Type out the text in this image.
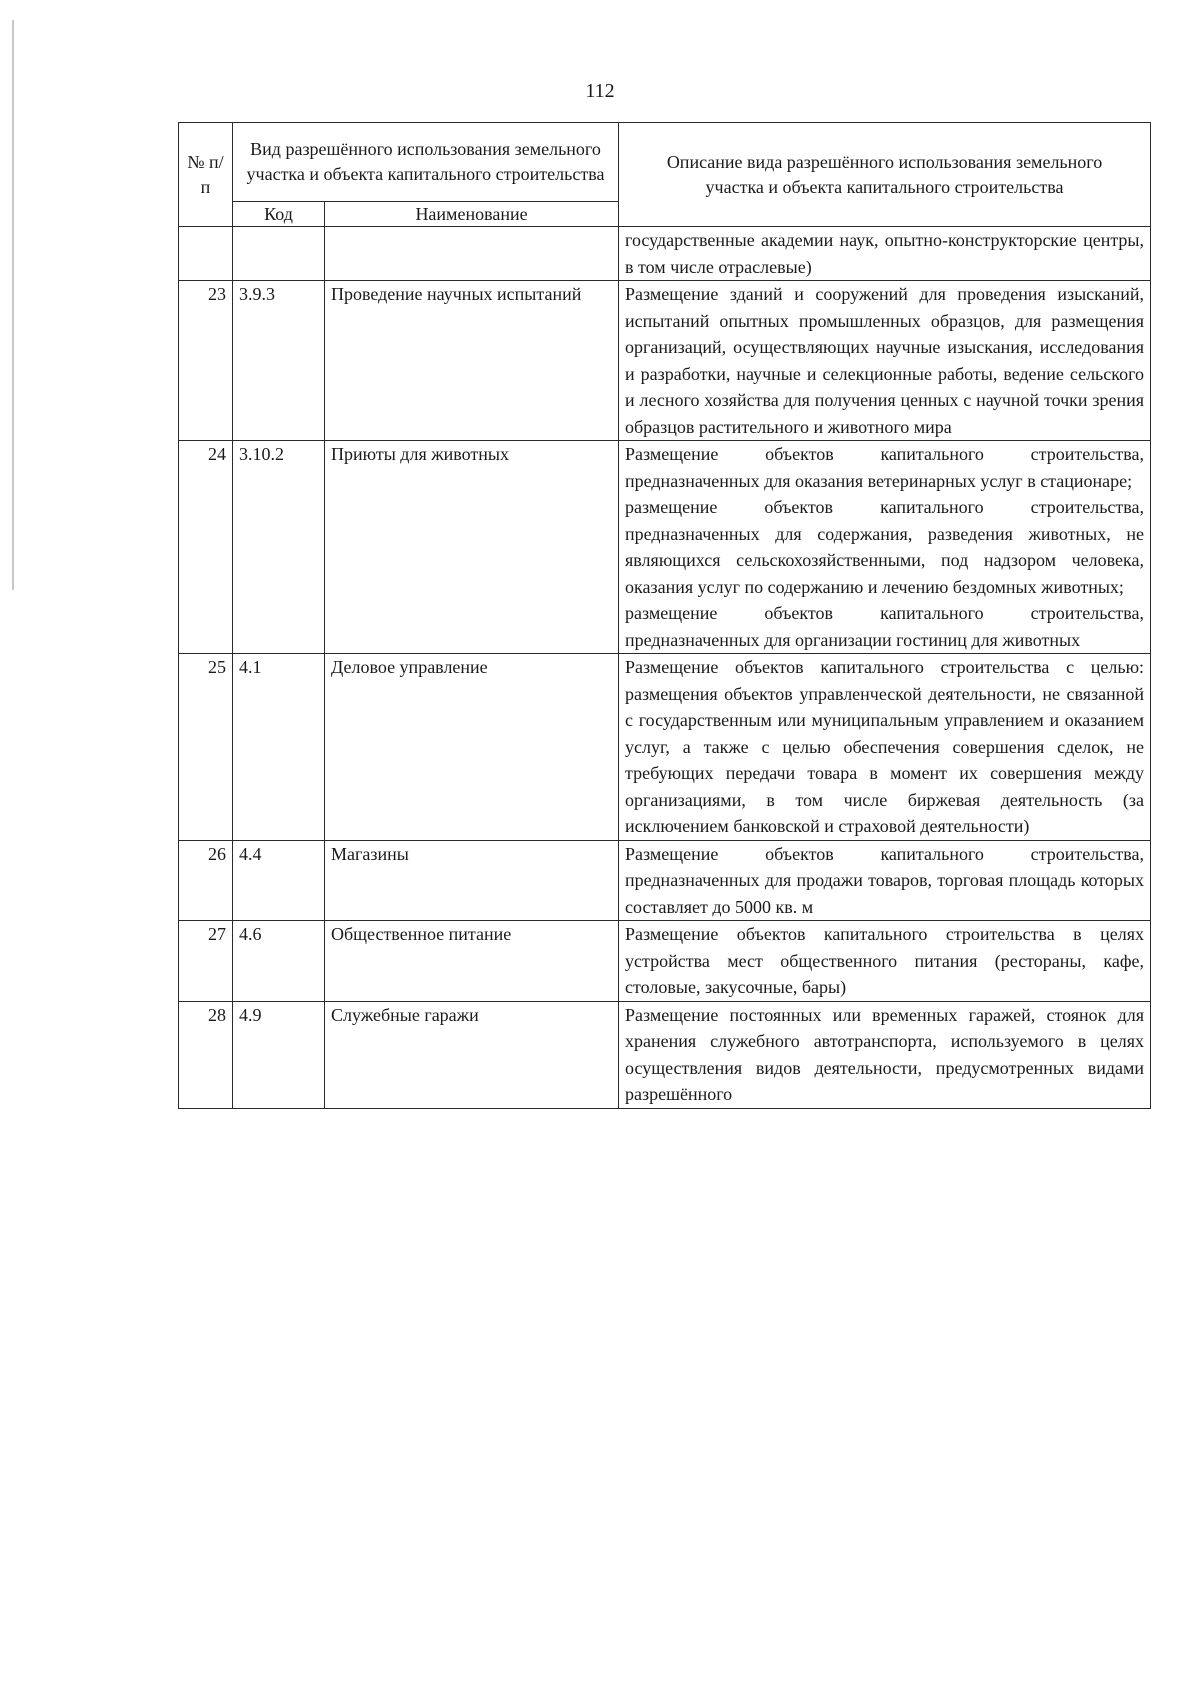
112
№ п/п	Вид разрешённого использования земельного участка и объекта капитального строительства		Описание вида разрешённого использования земельного участка и объекта капитального строительства
	Код	Наименование	

			государственные академии наук, опытно-конструкторские центры, в том числе отраслевые)

23	3.9.3	Проведение научных испытаний	Размещение зданий и сооружений для проведения изысканий, испытаний опытных промышленных образцов, для размещения организаций, осуществляющих научные изыскания, исследования и разработки, научные и селекционные работы, ведение сельского и лесного хозяйства для получения ценных с научной точки зрения образцов растительного и животного мира

24	3.10.2	Приюты для животных	Размещение объектов капитального строительства, предназначенных для оказания ветеринарных услуг в стационаре;

размещение объектов капитального строительства, предназначенных для содержания, разведения животных, не являющихся сельскохозяйственными, под надзором человека, оказания услуг по содержанию и лечению бездомных животных;

размещение объектов капитального строительства, предназначенных для организации гостиниц для животных

25	4.1	Деловое управление	Размещение объектов капитального строительства с целью: размещения объектов управленческой деятельности, не связанной с государственным или муниципальным управлением и оказанием услуг, а также с целью обеспечения совершения сделок, не требующих передачи товара в момент их совершения между организациями, в том числе биржевая деятельность (за исключением банковской и страховой деятельности)

26	4.4	Магазины	Размещение объектов капитального строительства, предназначенных для продажи товаров, торговая площадь которых составляет до 5000 кв. м

27	4.6	Общественное питание	Размещение объектов капитального строительства в целях устройства мест общественного питания (рестораны, кафе, столовые, закусочные, бары)

28	4.9	Служебные гаражи	Размещение постоянных или временных гаражей, стоянок для хранения служебного автотранспорта, используемого в целях осуществления видов деятельности, предусмотренных видами разрешённого
